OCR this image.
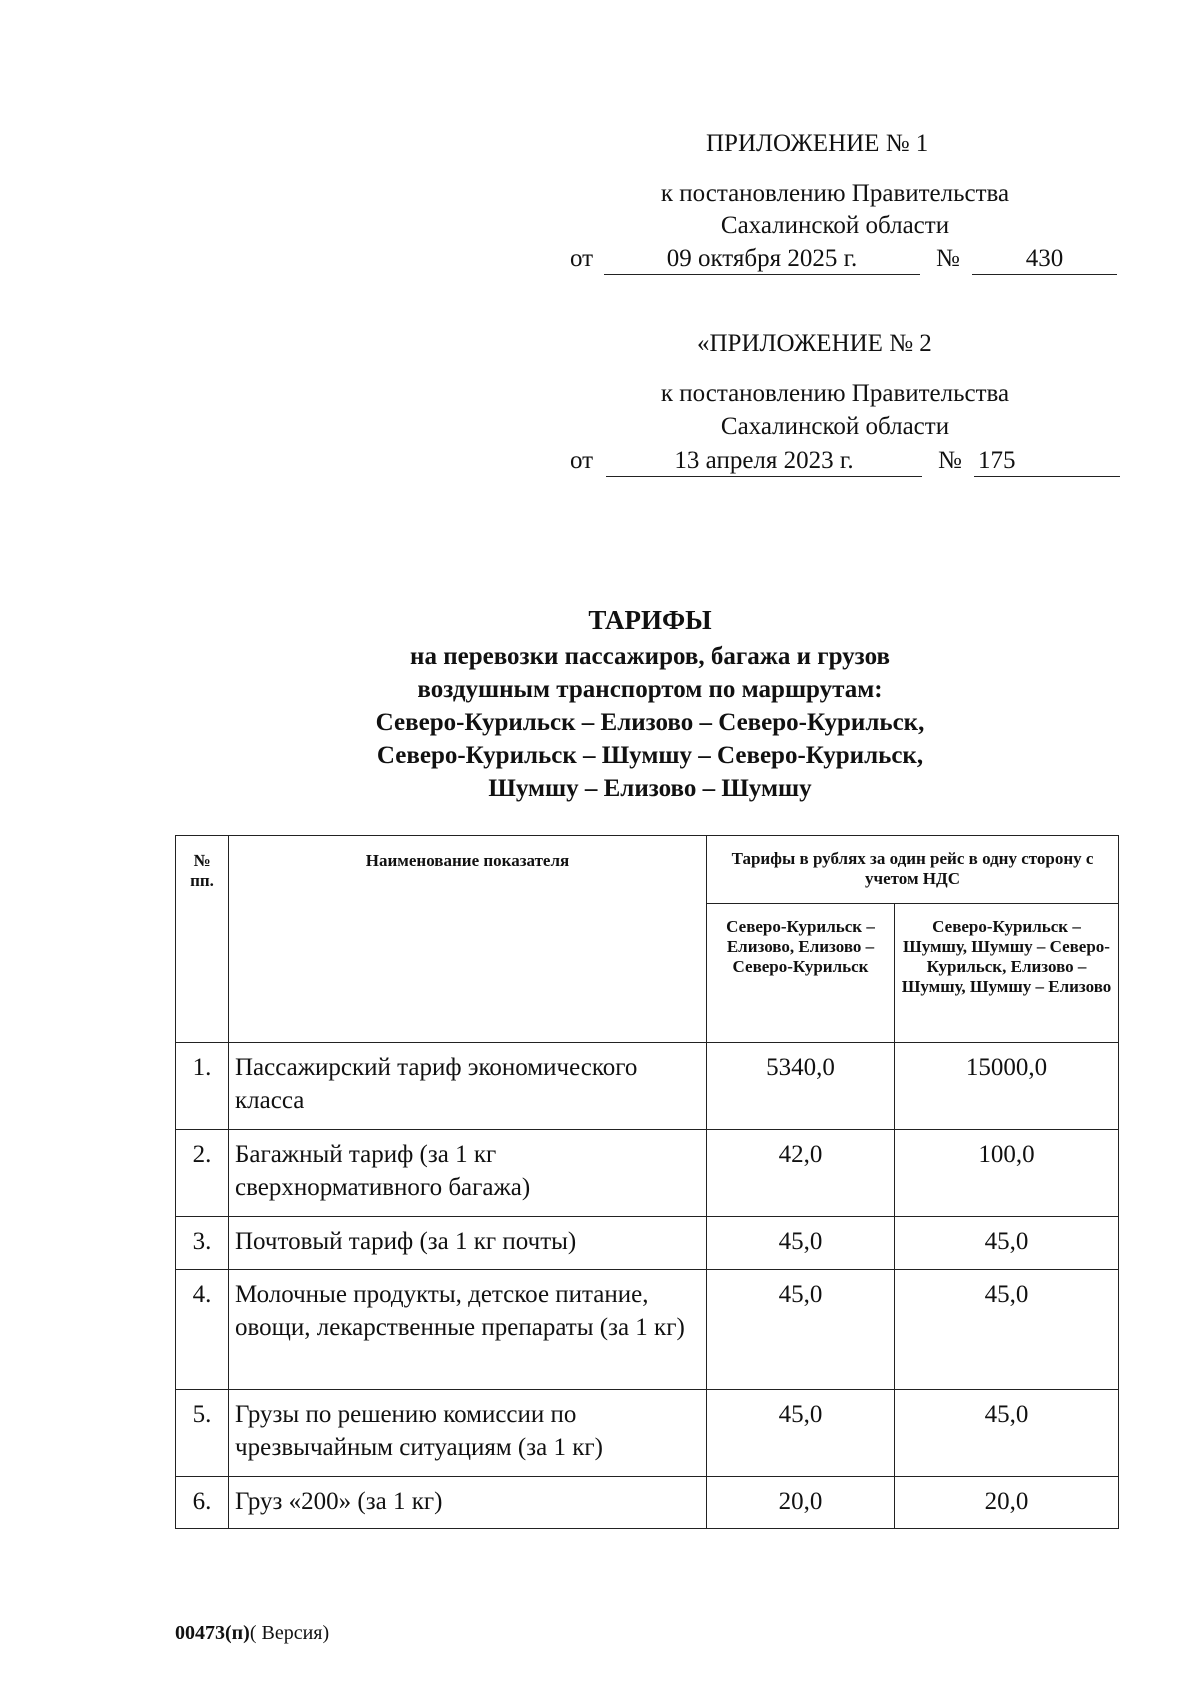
ПРИЛОЖЕНИЕ № 1
к постановлению Правительства
Сахалинской области
от	09 октября 2025 г.	№	430
«ПРИЛОЖЕНИЕ № 2
к постановлению Правительства
Сахалинской области
от	13 апреля 2023 г.	№ 175
ТАРИФЫ
на перевозки пассажиров, багажа и грузов
воздушным транспортом по маршрутам:
Северо-Курильск – Елизово – Северо-Курильск,
Северо-Курильск – Шумшу – Северо-Курильск,
Шумшу – Елизово – Шумшу
№ пп.	Наименование показателя	Тарифы в рублях за один рейс в одну сторону с учетом НДС	
		Северо-Курильск – Елизово, Елизово – Северо-Курильск	Северо-Курильск – Шумшу, Шумшу – Северо-Курильск, Елизово – Шумшу, Шумшу – Елизово
1.	Пассажирский тариф экономического класса	5340,0	15000,0
2.	Багажный тариф (за 1 кг сверхнормативного багажа)	42,0	100,0
3.	Почтовый тариф (за 1 кг почты)	45,0	45,0
4.	Молочные продукты, детское питание, овощи, лекарственные препараты (за 1 кг)	45,0	45,0
5.	Грузы по решению комиссии по чрезвычайным ситуациям (за 1 кг)	45,0	45,0
6.	Груз «200» (за 1 кг)	20,0	20,0
00473(п)( Версия)
